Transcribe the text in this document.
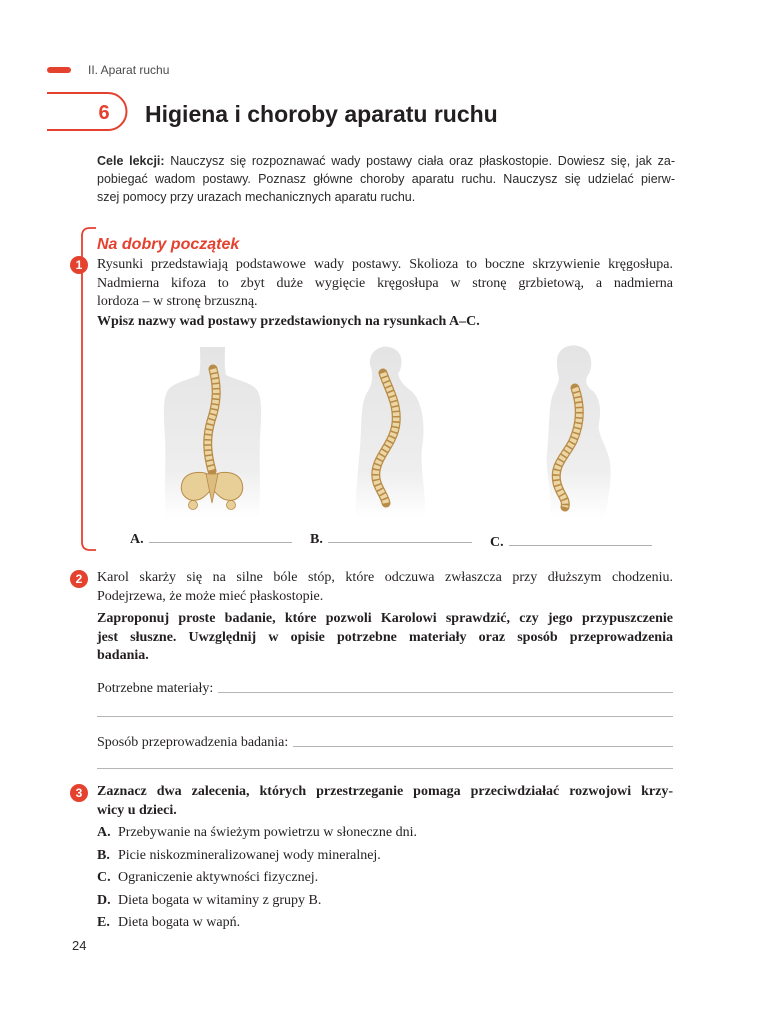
II. Aparat ruchu
6 Higiena i choroby aparatu ruchu
Cele lekcji: Nauczysz się rozpoznawać wady postawy ciała oraz płaskostopie. Dowiesz się, jak za-
pobiegać wadom postawy. Poznasz główne choroby aparatu ruchu. Nauczysz się udzielać pierw-
szej pomocy przy urazach mechanicznych aparatu ruchu.
Na dobry początek
1	Rysunki przedstawiają podstawowe wady postawy. Skolioza to boczne skrzywienie kręgosłupa.
Nadmierna kifoza to zbyt duże wygięcie kręgosłupa w stronę grzbietową, a nadmierna
lordoza – w stronę brzuszną.
Wpisz nazwy wad postawy przedstawionych na rysunkach A–C.
A.	B.	C.
2	Karol skarży się na silne bóle stóp, które odczuwa zwłaszcza przy dłuższym chodzeniu.
Podejrzewa, że może mieć płaskostopie.
Zaproponuj proste badanie, które pozwoli Karolowi sprawdzić, czy jego przypuszczenie
jest słuszne. Uwzględnij w opisie potrzebne materiały oraz sposób przeprowadzenia
badania.
Potrzebne materiały:
Sposób przeprowadzenia badania:
3	Zaznacz dwa zalecenia, których przestrzeganie pomaga przeciwdziałać rozwojowi krzy-
wicy u dzieci.
A. Przebywanie na świeżym powietrzu w słoneczne dni.
B. Picie niskozmineralizowanej wody mineralnej.
C. Ograniczenie aktywności fizycznej.
D. Dieta bogata w witaminy z grupy B.
E. Dieta bogata w wapń.
24
